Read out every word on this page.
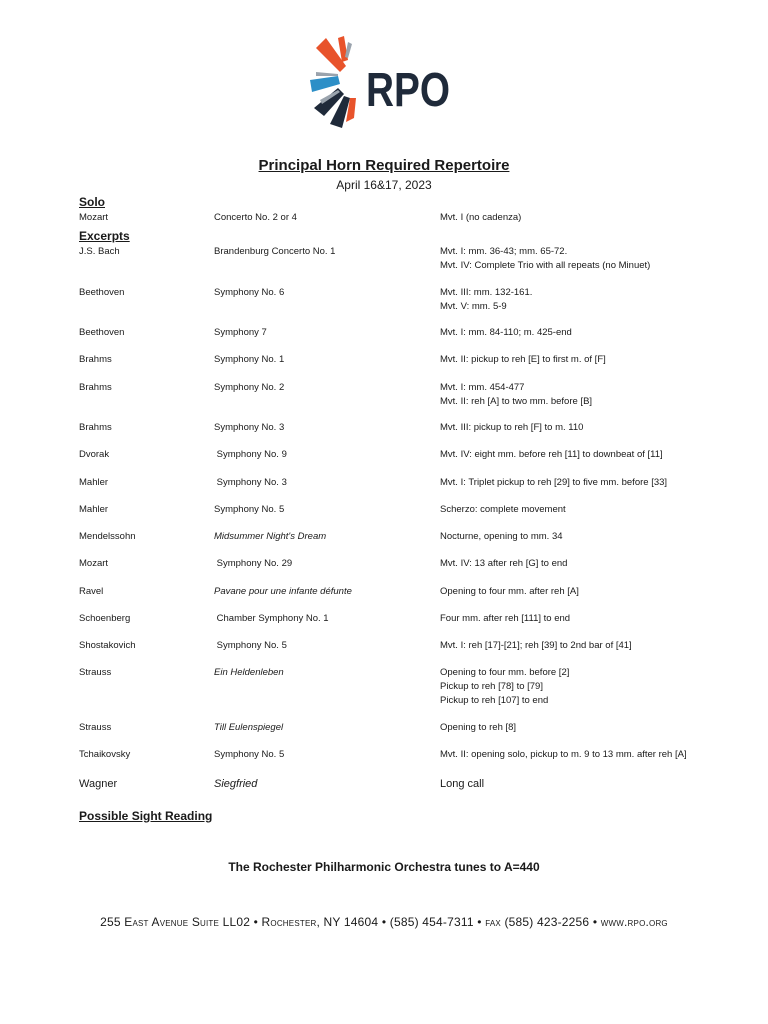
RPO
Principal Horn Required Repertoire
April 16&17, 2023
Solo
Mozart	Concerto No. 2 or 4	Mvt. I (no cadenza)
Excerpts
J.S. Bach	Brandenburg Concerto No. 1	Mvt. I: mm. 36-43; mm. 65-72.
Mvt. IV: Complete Trio with all repeats (no Minuet)
Beethoven	Symphony No. 6	Mvt. III: mm. 132-161.
Mvt. V: mm. 5-9
Beethoven	Symphony 7	Mvt. I: mm. 84-110; m. 425-end
Brahms	Symphony No. 1	Mvt. II: pickup to reh [E] to first m. of [F]
Brahms	Symphony No. 2	Mvt. I: mm. 454-477
Mvt. II: reh [A] to two mm. before [B]
Brahms	Symphony No. 3	Mvt. III: pickup to reh [F] to m. 110
Dvorak	Symphony No. 9	Mvt. IV: eight mm. before reh [11] to downbeat of [11]
Mahler	Symphony No. 3	Mvt. I: Triplet pickup to reh [29] to five mm. before [33]
Mahler	Symphony No. 5	Scherzo: complete movement
Mendelssohn	Midsummer Night's Dream	Nocturne, opening to mm. 34
Mozart	Symphony No. 29	Mvt. IV: 13 after reh [G] to end
Ravel	Pavane pour une infante défunte	Opening to four mm. after reh [A]
Schoenberg	Chamber Symphony No. 1	Four mm. after reh [111] to end
Shostakovich	Symphony No. 5	Mvt. I: reh [17]-[21]; reh [39] to 2nd bar of [41]
Strauss	Ein Heldenleben	Opening to four mm. before [2]
Pickup to reh [78] to [79]
Pickup to reh [107] to end
Strauss	Till Eulenspiegel	Opening to reh [8]
Tchaikovsky	Symphony No. 5	Mvt. II: opening solo, pickup to m. 9 to 13 mm. after reh [A]
Wagner	Siegfried	Long call
Possible Sight Reading
The Rochester Philharmonic Orchestra tunes to A=440
255 East Avenue Suite LL02 • Rochester, NY 14604 • (585) 454-7311 • fax (585) 423-2256 • www.rpo.org
